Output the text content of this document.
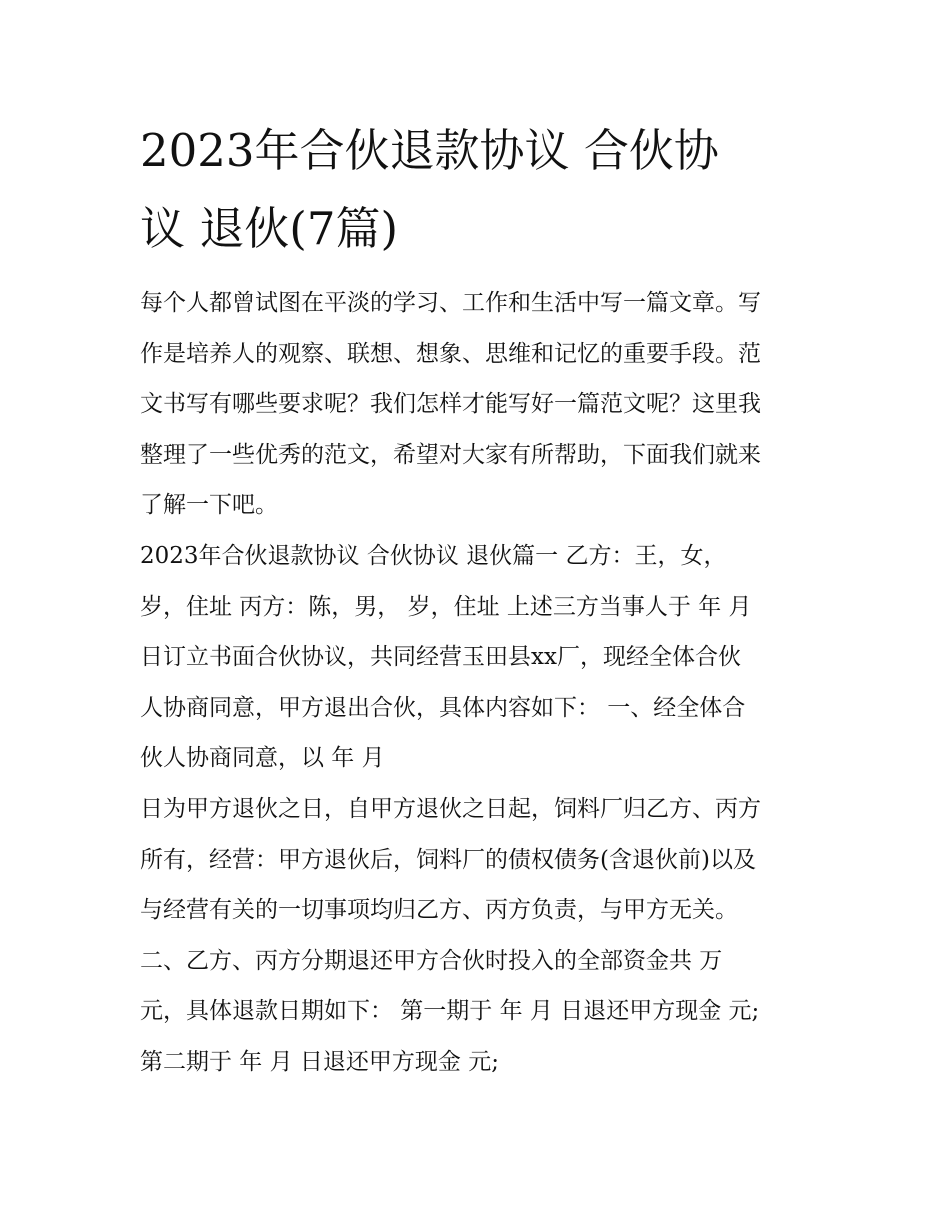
2023年合伙退款协议 合伙协
议 退伙(7篇)
每个人都曾试图在平淡的学习、工作和生活中写一篇文章。写
作是培养人的观察、联想、想象、思维和记忆的重要手段。范
文书写有哪些要求呢？我们怎样才能写好一篇范文呢？这里我
整理了一些优秀的范文，希望对大家有所帮助，下面我们就来
了解一下吧。
2023年合伙退款协议 合伙协议 退伙篇一 乙方：王，女，
岁，住址 丙方：陈，男， 岁，住址 上述三方当事人于 年 月
日订立书面合伙协议，共同经营玉田县xx厂，现经全体合伙
人协商同意，甲方退出合伙，具体内容如下： 一、经全体合
伙人协商同意，以 年 月
日为甲方退伙之日，自甲方退伙之日起，饲料厂归乙方、丙方
所有，经营：甲方退伙后，饲料厂的债权债务(含退伙前)以及
与经营有关的一切事项均归乙方、丙方负责，与甲方无关。
二、乙方、丙方分期退还甲方合伙时投入的全部资金共 万
元，具体退款日期如下： 第一期于 年 月 日退还甲方现金 元;
第二期于 年 月 日退还甲方现金 元;
